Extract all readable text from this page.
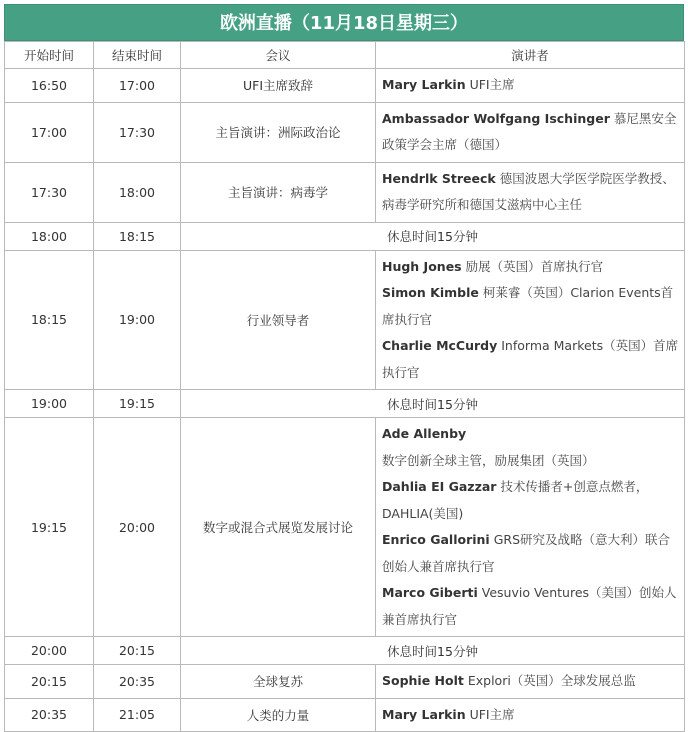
欧洲直播（11月18日星期三）
开始时间	结束时间	会议	演讲者
16:50	17:00	UFI主席致辞	Mary Larkin UFI主席

17:00	17:30	主旨演讲：洲际政治论	Ambassador Wolfgang Ischinger 慕尼黑安全政策学会主席（德国）

17:30	18:00	主旨演讲：病毒学	Hendrlk Streeck 德国波恩大学医学院医学教授、病毒学研究所和德国艾滋病中心主任

18:00	18:15	休息时间15分钟	
18:15	19:00	行业领导者	Hugh Jones 励展（英国）首席执行官
Simon Kimble 柯莱睿（英国）Clarion Events首席执行官
Charlie McCurdy Informa Markets（英国）首席执行官

19:00	19:15	休息时间15分钟	
19:15	20:00	数字或混合式展览发展讨论	Ade Allenby 数字创新全球主管，励展集团（英国）
Dahlia EI Gazzar 技术传播者+创意点燃者，DAHLIA(美国)
Enrico Gallorini GRS研究及战略（意大利）联合创始人兼首席执行官
Marco Giberti Vesuvio Ventures（美国）创始人兼首席执行官

20:00	20:15	休息时间15分钟	
20:15	20:35	全球复苏	Sophie Holt Explori（英国）全球发展总监

20:35	21:05	人类的力量	Mary Larkin UFI主席
